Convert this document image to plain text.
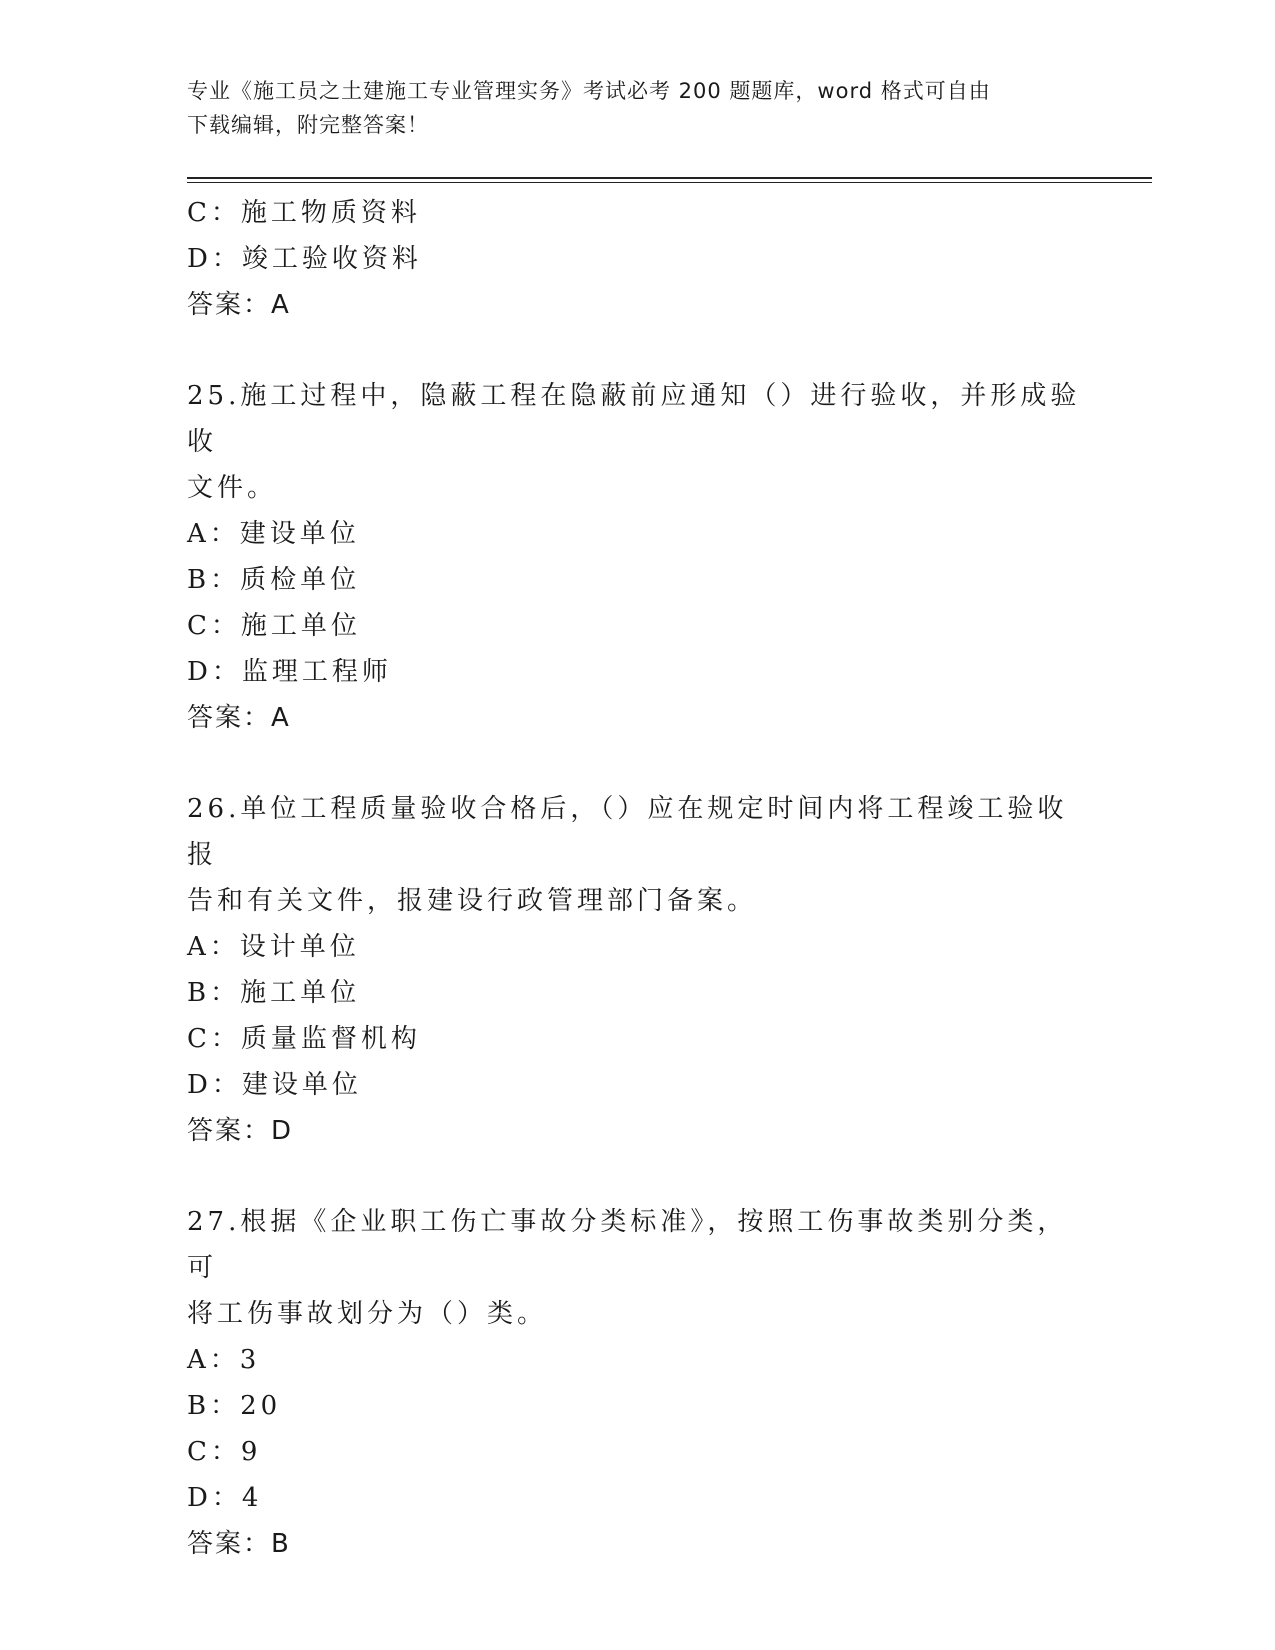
专业《施工员之土建施工专业管理实务》考试必考 200 题题库，word 格式可自由
下载编辑，附完整答案！
C：施工物质资料
D：竣工验收资料
答案：A
25.施工过程中，隐蔽工程在隐蔽前应通知（）进行验收，并形成验收
文件。
A：建设单位
B：质检单位
C：施工单位
D：监理工程师
答案：A
26.单位工程质量验收合格后，（）应在规定时间内将工程竣工验收报
告和有关文件，报建设行政管理部门备案。
A：设计单位
B：施工单位
C：质量监督机构
D：建设单位
答案：D
27.根据《企业职工伤亡事故分类标准》，按照工伤事故类别分类，可
将工伤事故划分为（）类。
A：3
B：20
C：9
D：4
答案：B
